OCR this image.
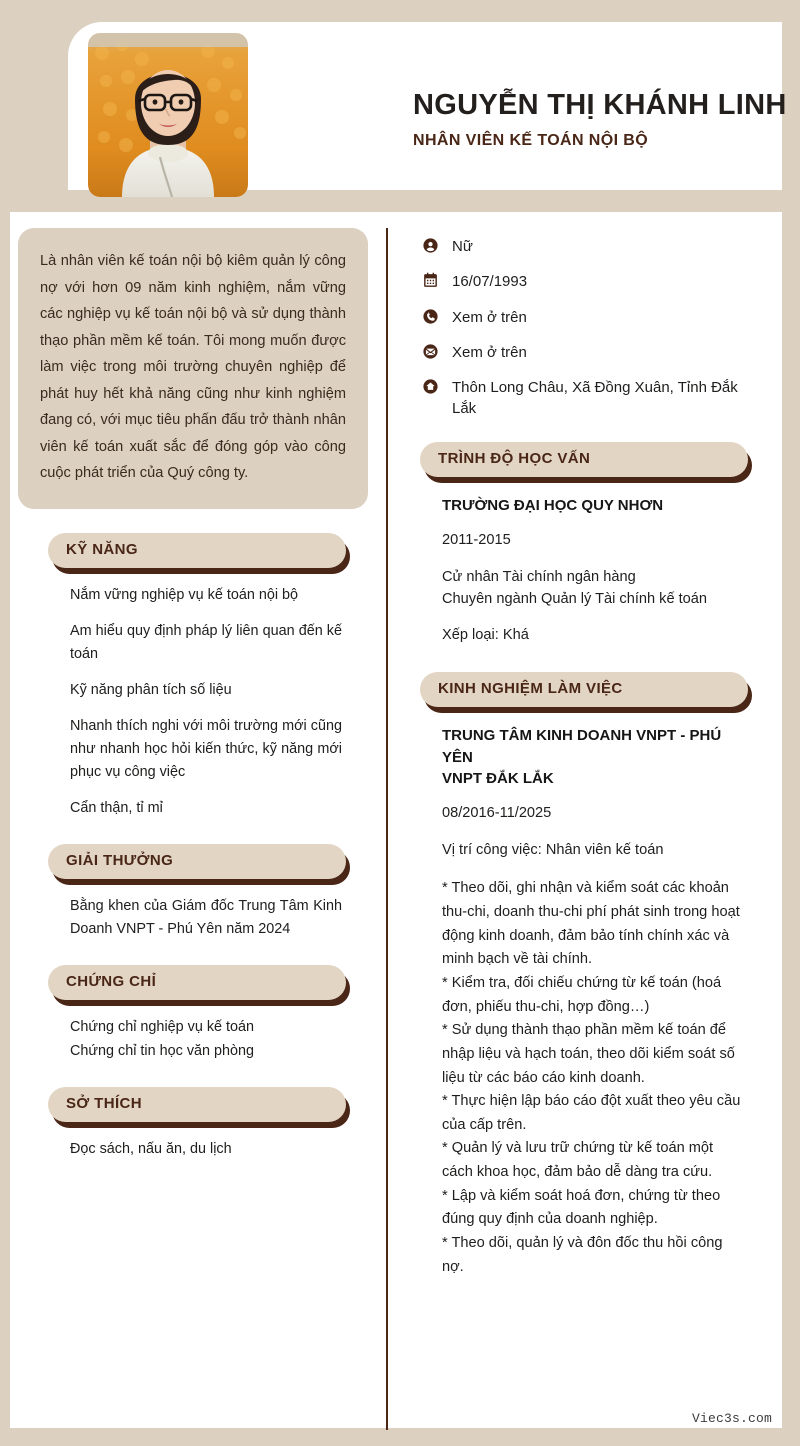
NGUYỄN THỊ KHÁNH LINH
NHÂN VIÊN KẾ TOÁN NỘI BỘ
Là nhân viên kế toán nội bộ kiêm quản lý công nợ với hơn 09 năm kinh nghiệm, nắm vững các nghiệp vụ kế toán nội bộ và sử dụng thành thạo phần mềm kế toán. Tôi mong muốn được làm việc trong môi trường chuyên nghiệp để phát huy hết khả năng cũng như kinh nghiệm đang có, với mục tiêu phấn đấu trở thành nhân viên kế toán xuất sắc để đóng góp vào công cuộc phát triển của Quý công ty.
KỸ NĂNG
Nắm vững nghiệp vụ kế toán nội bộ
Am hiểu quy định pháp lý liên quan đến kế toán
Kỹ năng phân tích số liệu
Nhanh thích nghi với môi trường mới cũng như nhanh học hỏi kiến thức, kỹ năng mới phục vụ công việc
Cẩn thận, tỉ mỉ
GIẢI THƯỞNG
Bằng khen của Giám đốc Trung Tâm Kinh Doanh VNPT - Phú Yên năm 2024
CHỨNG CHỈ
Chứng chỉ nghiệp vụ kế toán
Chứng chỉ tin học văn phòng
SỞ THÍCH
Đọc sách, nấu ăn, du lịch
Nữ
16/07/1993
Xem ở trên
Xem ở trên
Thôn Long Châu, Xã Đồng Xuân, Tỉnh Đắk Lắk
TRÌNH ĐỘ HỌC VẤN
TRƯỜNG ĐẠI HỌC QUY NHƠN
2011-2015
Cử nhân Tài chính ngân hàng
Chuyên ngành Quản lý Tài chính kế toán
Xếp loại: Khá
KINH NGHIỆM LÀM VIỆC
TRUNG TÂM KINH DOANH VNPT - PHÚ YÊN
VNPT ĐẮK LẮK
08/2016-11/2025
Vị trí công việc: Nhân viên kế toán
* Theo dõi, ghi nhận và kiểm soát các khoản thu-chi, doanh thu-chi phí phát sinh trong hoạt động kinh doanh, đảm bảo tính chính xác và minh bạch về tài chính.
* Kiểm tra, đối chiếu chứng từ kế toán (hoá đơn, phiếu thu-chi, hợp đồng…)
* Sử dụng thành thạo phần mềm kế toán để nhập liệu và hạch toán, theo dõi kiểm soát số liệu từ các báo cáo kinh doanh.
* Thực hiện lập báo cáo đột xuất theo yêu cầu của cấp trên.
* Quản lý và lưu trữ chứng từ kế toán một cách khoa học, đảm bảo dễ dàng tra cứu.
* Lập và kiểm soát hoá đơn, chứng từ theo đúng quy định của doanh nghiệp.
* Theo dõi, quản lý và đôn đốc thu hồi công nợ.
Viec3s.com
